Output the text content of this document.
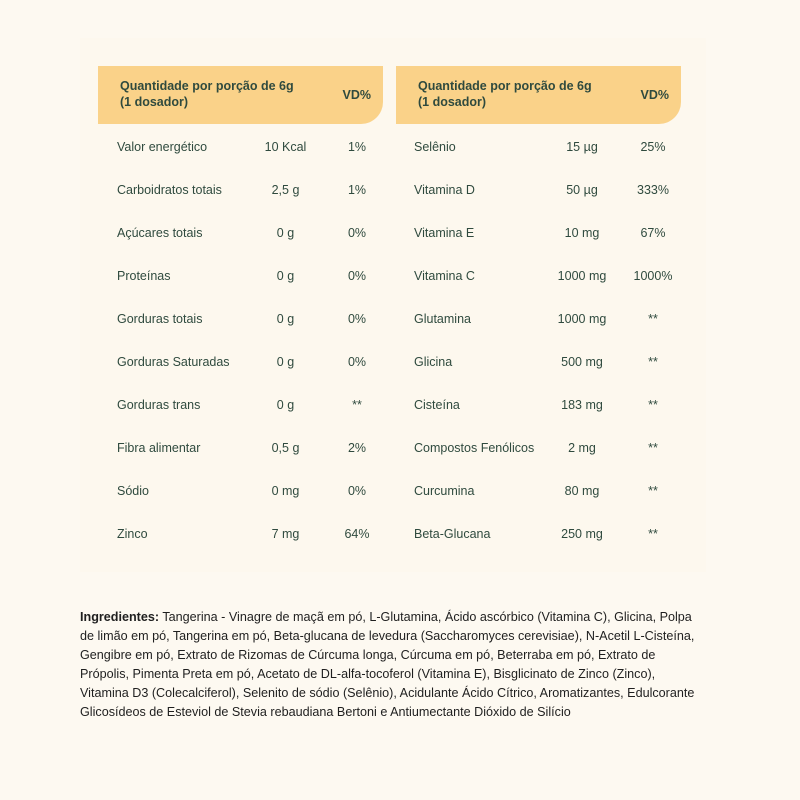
Quantidade por porção de 6g (1 dosador)	VD%
Valor energético	10 Kcal	1%
Carboidratos totais	2,5 g	1%
Açúcares totais	0 g	0%
Proteínas	0 g	0%
Gorduras totais	0 g	0%
Gorduras Saturadas	0 g	0%
Gorduras trans	0 g	**
Fibra alimentar	0,5 g	2%
Sódio	0 mg	0%
Zinco	7 mg	64%
Quantidade por porção de 6g (1 dosador)	VD%
Selênio	15 µg	25%
Vitamina D	50 µg	333%
Vitamina E	10 mg	67%
Vitamina C	1000 mg	1000%
Glutamina	1000 mg	**
Glicina	500 mg	**
Cisteína	183 mg	**
Compostos Fenólicos	2 mg	**
Curcumina	80 mg	**
Beta-Glucana	250 mg	**
Ingredientes: Tangerina - Vinagre de maçã em pó, L-Glutamina, Ácido ascórbico (Vitamina C), Glicina, Polpa de limão em pó, Tangerina em pó, Beta-glucana de levedura (Saccharomyces cerevisiae), N-Acetil L-Cisteína, Gengibre em pó, Extrato de Rizomas de Cúrcuma longa, Cúrcuma em pó, Beterraba em pó, Extrato de Própolis, Pimenta Preta em pó, Acetato de DL-alfa-tocoferol (Vitamina E), Bisglicinato de Zinco (Zinco), Vitamina D3 (Colecalciferol), Selenito de sódio (Selênio), Acidulante Ácido Cítrico, Aromatizantes, Edulcorante Glicosídeos de Esteviol de Stevia rebaudiana Bertoni e Antiumectante Dióxido de Silício
